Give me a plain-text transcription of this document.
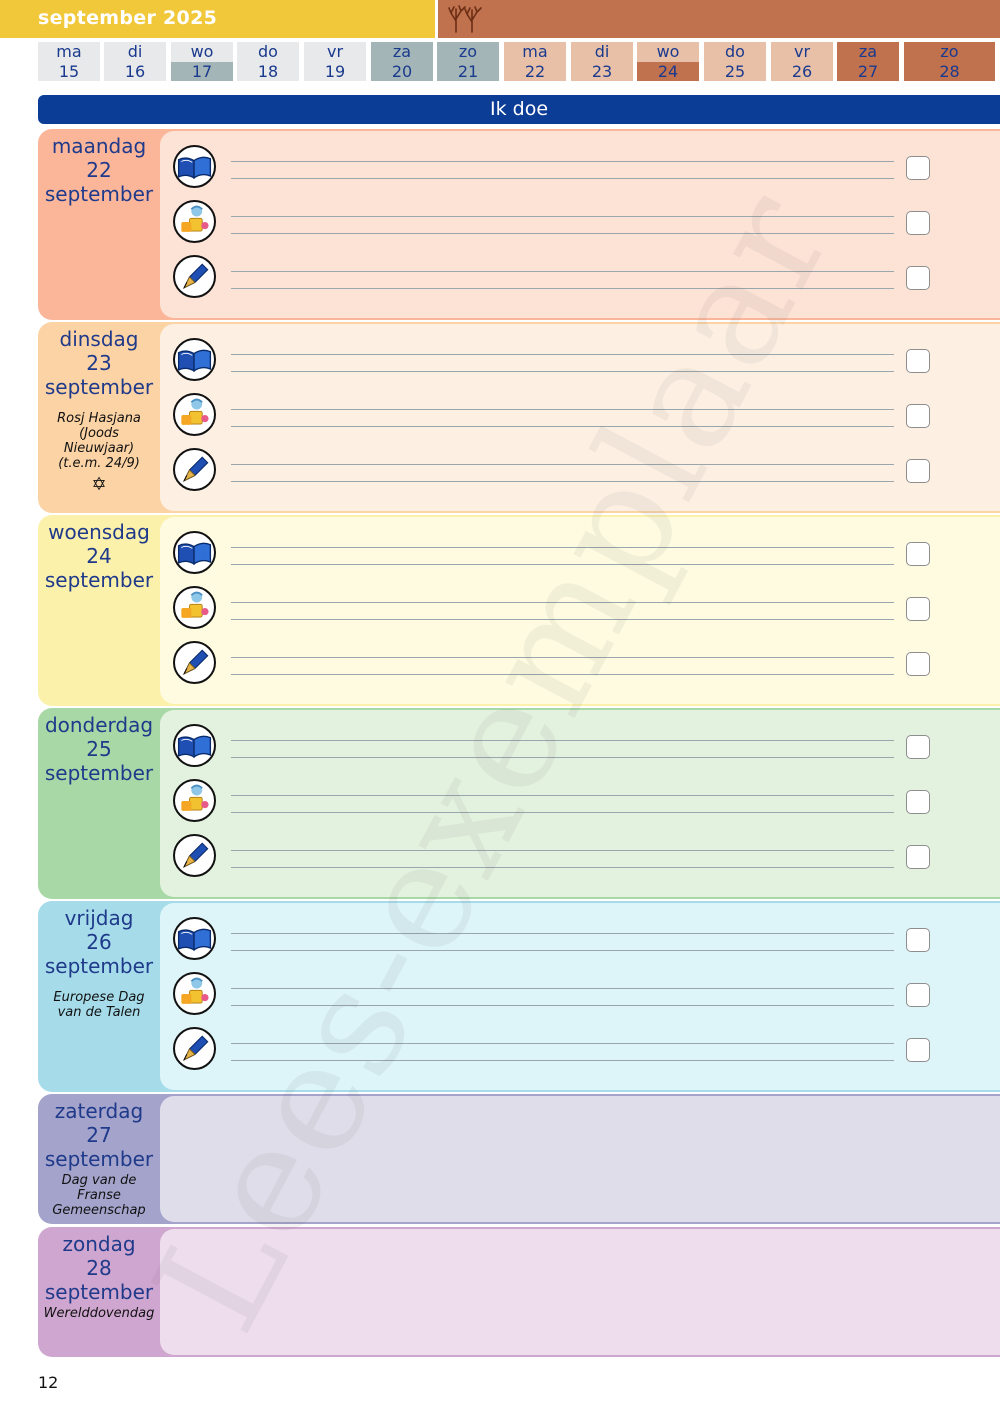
september 2025
ma
15
di
16
wo
17
do
18
vr
19
za
20
zo
21
ma
22
di
23
wo
24
do
25
vr
26
za
27
zo
28
Ik doe
maandag
22
september
dinsdag
23
september
Rosj Hasjana (Joods Nieuwjaar) (t.e.m. 24/9)
✡
woensdag
24
september
donderdag
25
september
vrijdag
26
september
Europese Dag van de Talen
zaterdag
27
september
Dag van de Franse Gemeenschap
zondag
28
september
Werelddovendag
12
